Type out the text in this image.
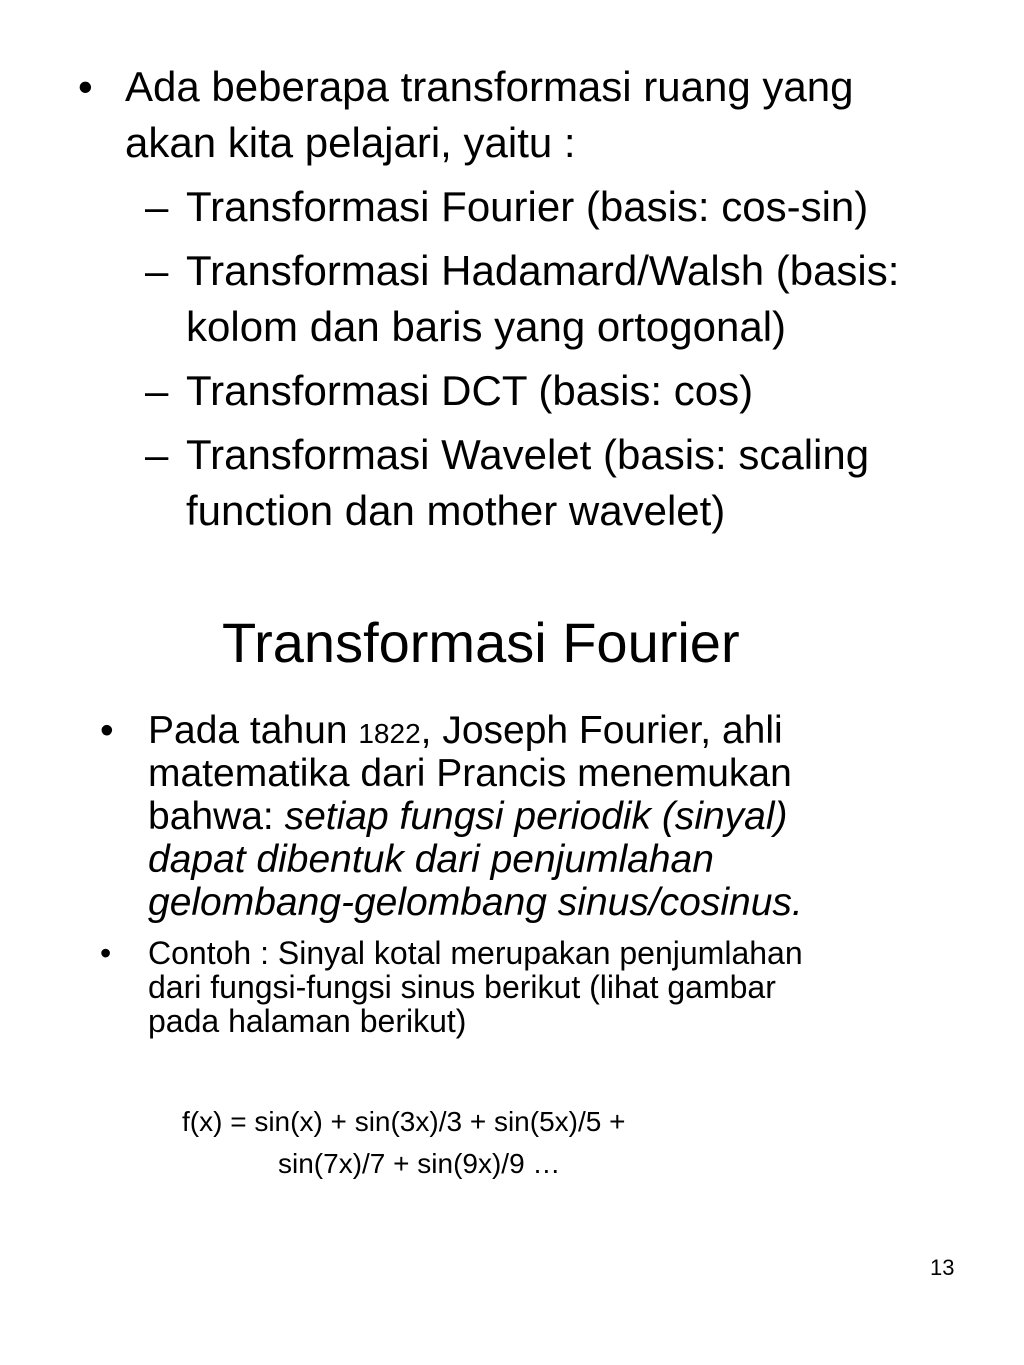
• Ada beberapa transformasi ruang yang
akan kita pelajari, yaitu :
– Transformasi Fourier (basis: cos-sin)
– Transformasi Hadamard/Walsh (basis:
kolom dan baris yang ortogonal)
– Transformasi DCT (basis: cos)
– Transformasi Wavelet (basis: scaling
function dan mother wavelet)
Transformasi Fourier
• Pada tahun 1822, Joseph Fourier, ahli
matematika dari Prancis menemukan
bahwa: setiap fungsi periodik (sinyal)
dapat dibentuk dari penjumlahan
gelombang-gelombang sinus/cosinus.
• Contoh : Sinyal kotal merupakan penjumlahan
dari fungsi-fungsi sinus berikut (lihat gambar
pada halaman berikut)
f(x) = sin(x) + sin(3x)/3 + sin(5x)/5 +
sin(7x)/7 + sin(9x)/9 …
13
